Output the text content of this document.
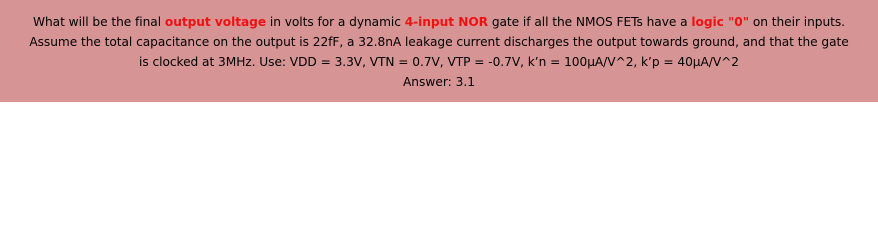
What will be the final output voltage in volts for a dynamic 4-input NOR gate if all the NMOS FETs have a logic "0" on their inputs.
Assume the total capacitance on the output is 22fF, a 32.8nA leakage current discharges the output towards ground, and that the gate
is clocked at 3MHz. Use: VDD = 3.3V, VTN = 0.7V, VTP = -0.7V, k’n = 100µA/V^2, k’p = 40µA/V^2
Answer: 3.1
